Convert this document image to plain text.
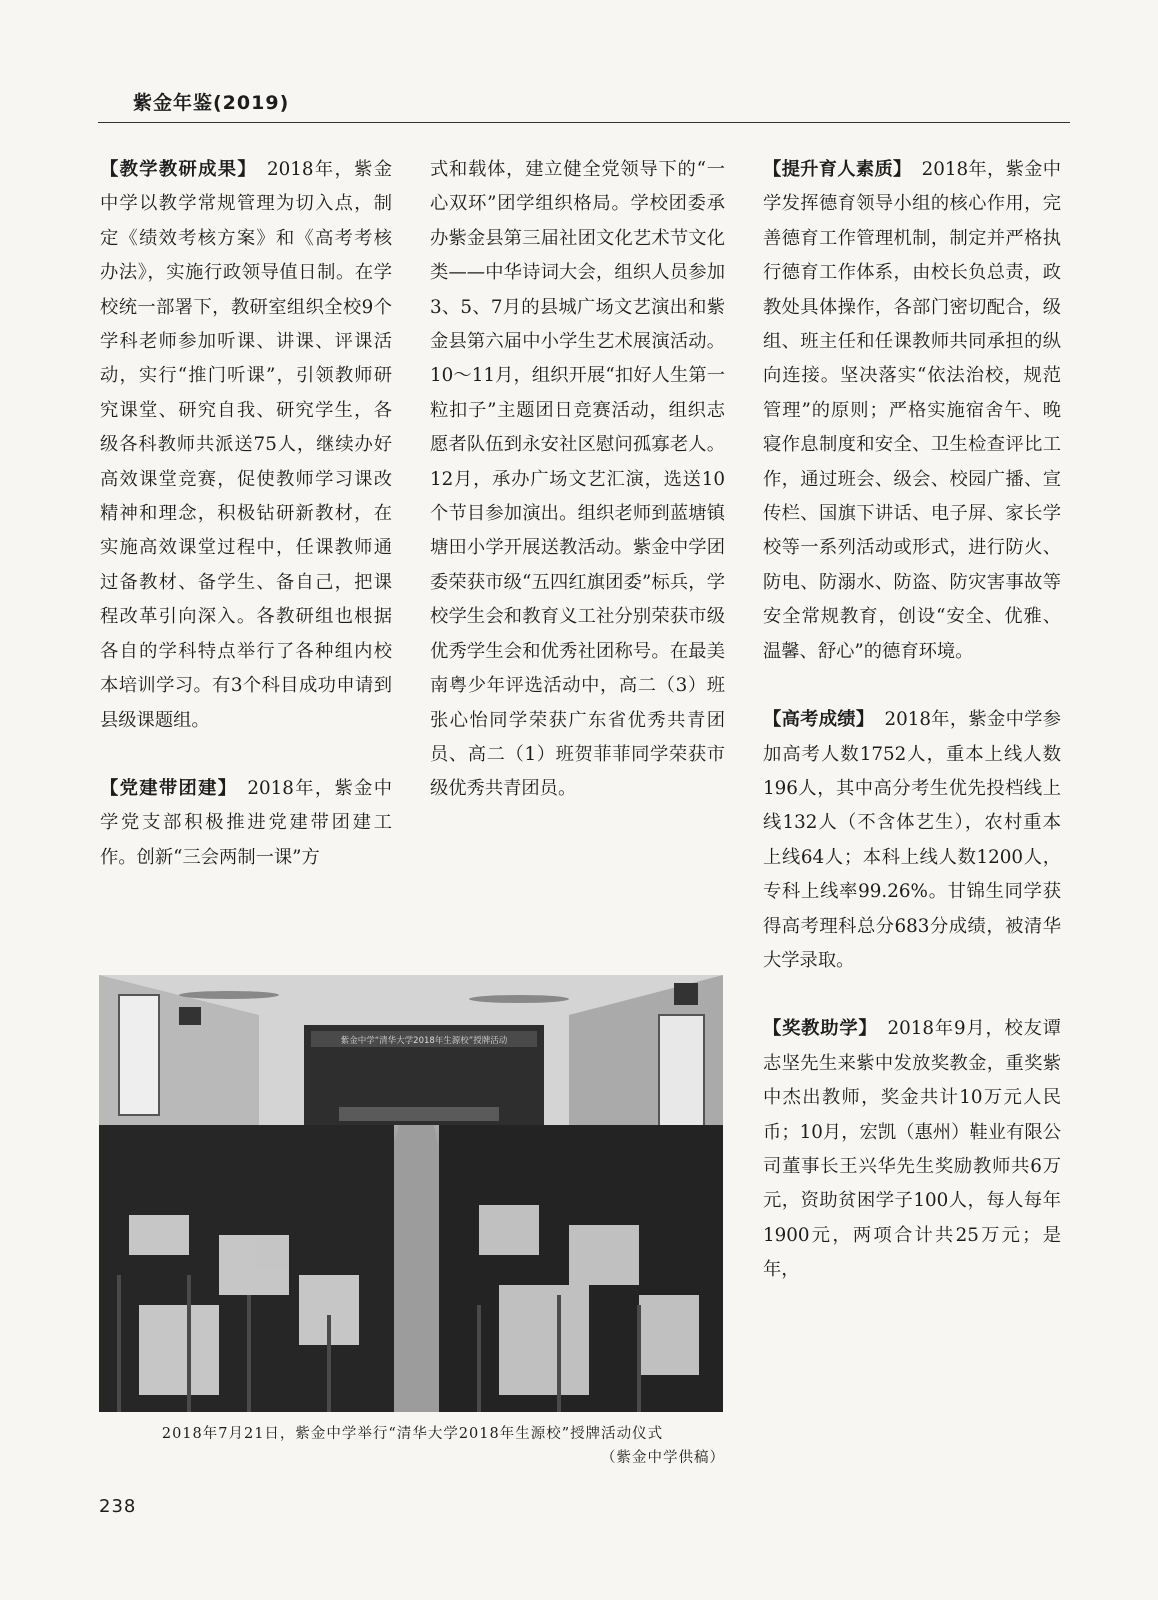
紫金年鉴(2019)

【教学教研成果】 2018年，紫金中学以教学常规管理为切入点，制定《绩效考核方案》和《高考考核办法》，实施行政领导值日制。在学校统一部署下，教研室组织全校9个学科老师参加听课、讲课、评课活动，实行“推门听课”，引领教师研究课堂、研究自我、研究学生，各级各科教师共派送75人，继续办好高效课堂竞赛，促使教师学习课改精神和理念，积极钻研新教材，在实施高效课堂过程中，任课教师通过备教材、备学生、备自己，把课程改革引向深入。各教研组也根据各自的学科特点举行了各种组内校本培训学习。有3个科目成功申请到县级课题组。

【党建带团建】 2018年，紫金中学党支部积极推进党建带团建工作。创新“三会两制一课”方

式和载体，建立健全党领导下的“一心双环”团学组织格局。学校团委承办紫金县第三届社团文化艺术节文化类——中华诗词大会，组织人员参加3、5、7月的县城广场文艺演出和紫金县第六届中小学生艺术展演活动。10～11月，组织开展“扣好人生第一粒扣子”主题团日竞赛活动，组织志愿者队伍到永安社区慰问孤寡老人。12月，承办广场文艺汇演，选送10个节目参加演出。组织老师到蓝塘镇塘田小学开展送教活动。紫金中学团委荣获市级“五四红旗团委”标兵，学校学生会和教育义工社分别荣获市级优秀学生会和优秀社团称号。在最美南粤少年评选活动中，高二（3）班张心怡同学荣获广东省优秀共青团员、高二（1）班贺菲菲同学荣获市级优秀共青团员。

【提升育人素质】 2018年，紫金中学发挥德育领导小组的核心作用，完善德育工作管理机制，制定并严格执行德育工作体系，由校长负总责，政教处具体操作，各部门密切配合，级组、班主任和任课教师共同承担的纵向连接。坚决落实“依法治校，规范管理”的原则；严格实施宿舍午、晚寝作息制度和安全、卫生检查评比工作，通过班会、级会、校园广播、宣传栏、国旗下讲话、电子屏、家长学校等一系列活动或形式，进行防火、防电、防溺水、防盗、防灾害事故等安全常规教育，创设“安全、优雅、温馨、舒心”的德育环境。

【高考成绩】 2018年，紫金中学参加高考人数1752人，重本上线人数196人，其中高分考生优先投档线上线132人（不含体艺生），农村重本上线64人；本科上线人数1200人，专科上线率99.26%。甘锦生同学获得高考理科总分683分成绩，被清华大学录取。

【奖教助学】 2018年9月，校友谭志坚先生来紫中发放奖教金，重奖紫中杰出教师，奖金共计10万元人民币；10月，宏凯（惠州）鞋业有限公司董事长王兴华先生奖励教师共6万元，资助贫困学子100人，每人每年1900元，两项合计共25万元；是年，

紫金中学“清华大学2018年生源校”授牌活动
2018年7月21日，紫金中学举行“清华大学2018年生源校”授牌活动仪式
（紫金中学供稿）
238
